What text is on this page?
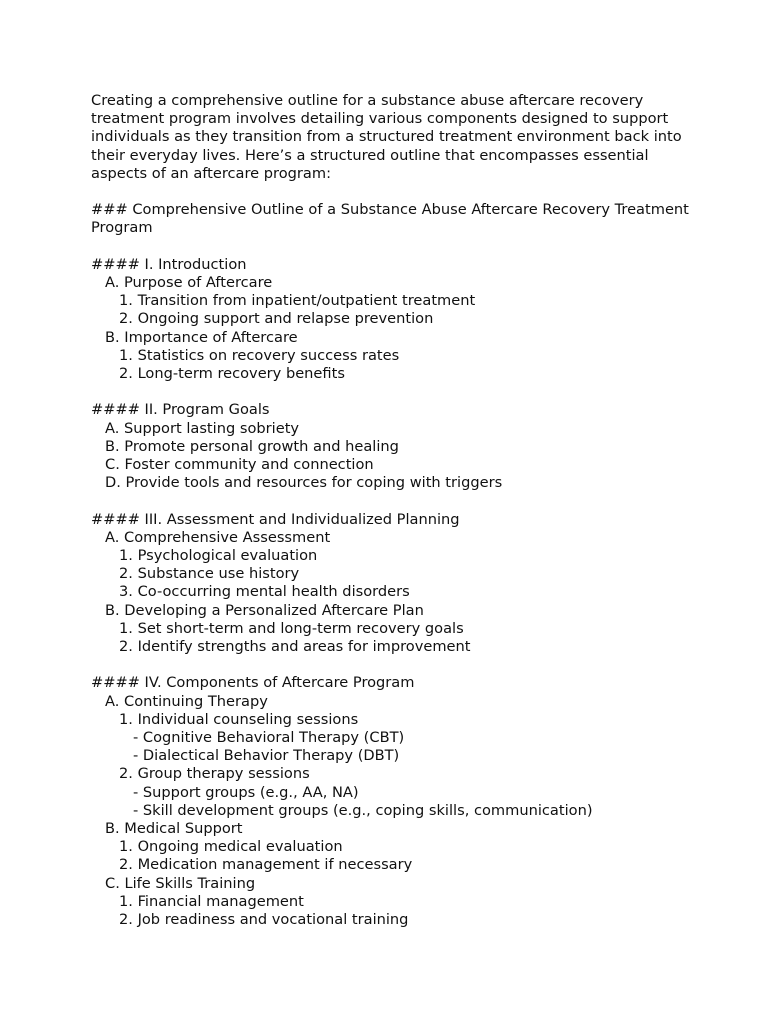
Creating a comprehensive outline for a substance abuse aftercare recovery treatment program involves detailing various components designed to support individuals as they transition from a structured treatment environment back into their everyday lives. Here’s a structured outline that encompasses essential aspects of an aftercare program:

### Comprehensive Outline of a Substance Abuse Aftercare Recovery Treatment Program

#### I. Introduction

A. Purpose of Aftercare

1. Transition from inpatient/outpatient treatment

2. Ongoing support and relapse prevention

B. Importance of Aftercare

1. Statistics on recovery success rates

2. Long-term recovery benefits

#### II. Program Goals

A. Support lasting sobriety

B. Promote personal growth and healing

C. Foster community and connection

D. Provide tools and resources for coping with triggers

#### III. Assessment and Individualized Planning

A. Comprehensive Assessment

1. Psychological evaluation

2. Substance use history

3. Co-occurring mental health disorders

B. Developing a Personalized Aftercare Plan

1. Set short-term and long-term recovery goals

2. Identify strengths and areas for improvement

#### IV. Components of Aftercare Program

A. Continuing Therapy

1. Individual counseling sessions

- Cognitive Behavioral Therapy (CBT)

- Dialectical Behavior Therapy (DBT)

2. Group therapy sessions

- Support groups (e.g., AA, NA)

- Skill development groups (e.g., coping skills, communication)

B. Medical Support

1. Ongoing medical evaluation

2. Medication management if necessary

C. Life Skills Training

1. Financial management

2. Job readiness and vocational training
